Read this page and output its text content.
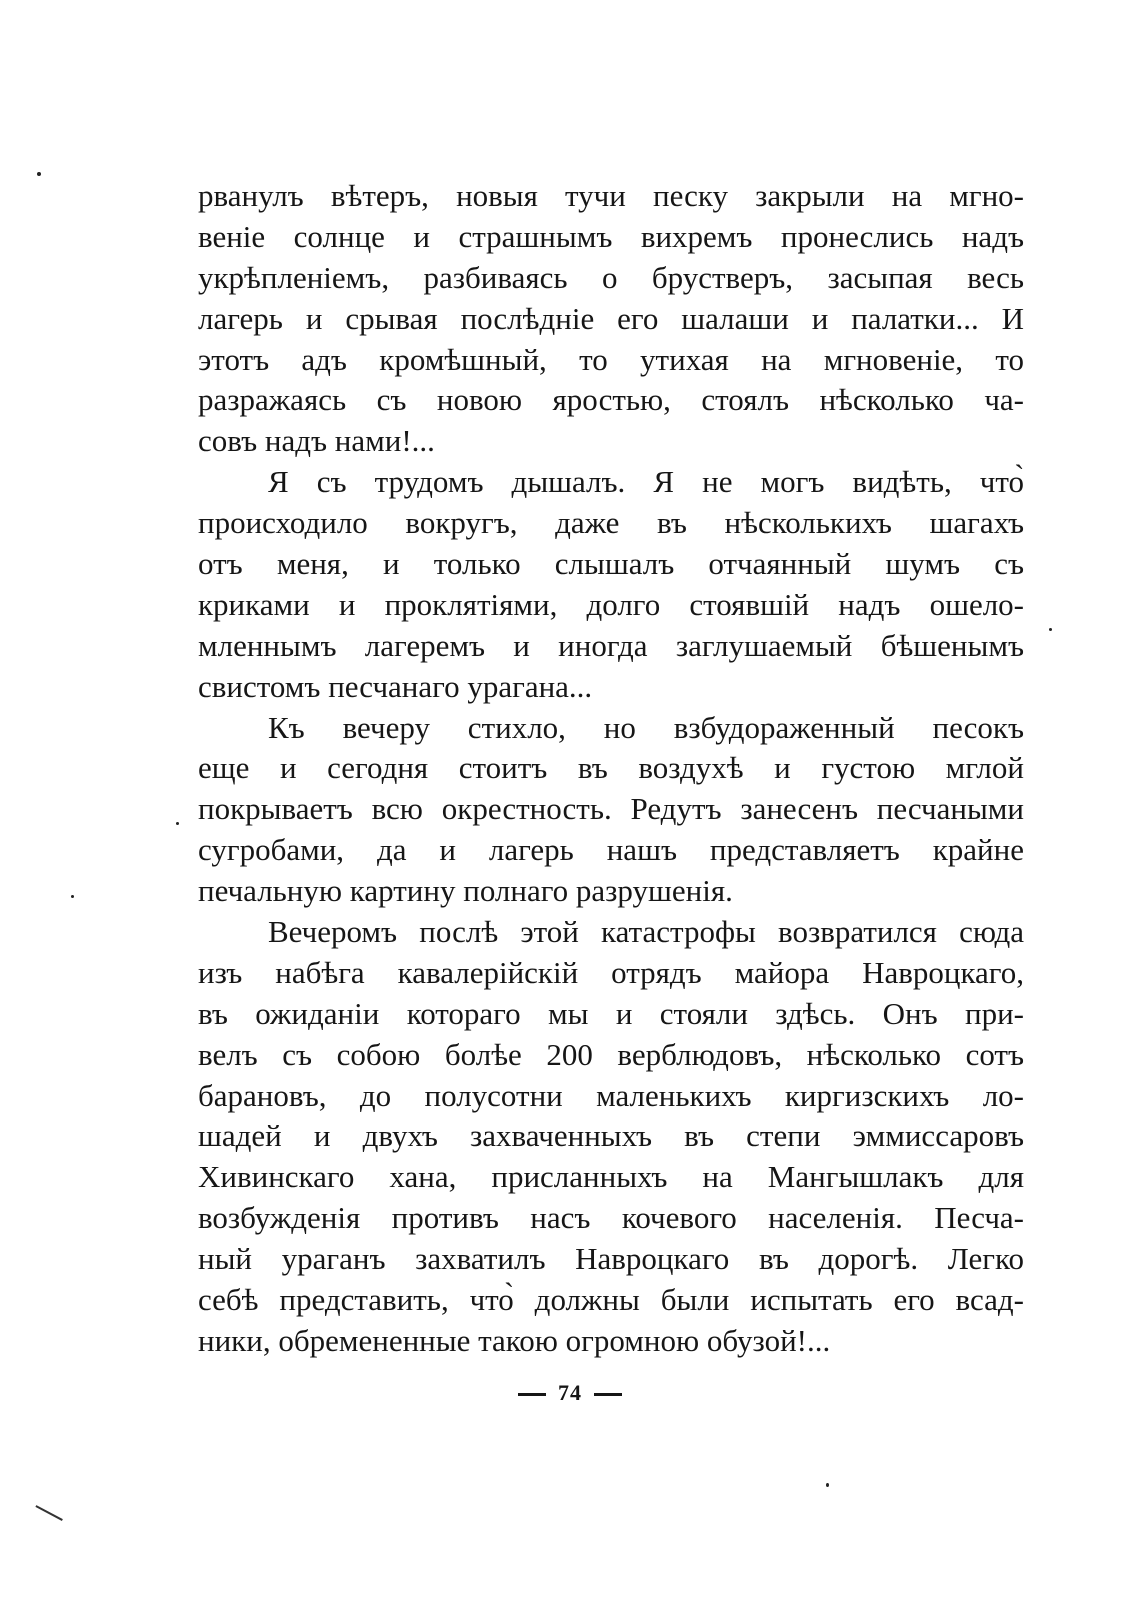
рванулъ вѣтеръ, новыя тучи песку закрыли на мгно-
веніе солнце и страшнымъ вихремъ пронеслись надъ
укрѣпленіемъ, разбиваясь о брустверъ, засыпая весь
лагерь и срывая послѣдніе его шалаши и палатки... И
этотъ адъ кромѣшный, то утихая на мгновеніе, то
разражаясь съ новою яростью, стоялъ нѣсколько ча-
совъ надъ нами!...
Я съ трудомъ дышалъ. Я не могъ видѣть, что̀
происходило вокругъ, даже въ нѣсколькихъ шагахъ
отъ меня, и только слышалъ отчаянный шумъ съ
криками и проклятіями, долго стоявшій надъ ошело-
мленнымъ лагеремъ и иногда заглушаемый бѣшенымъ
свистомъ песчанаго урагана...
Къ вечеру стихло, но взбудораженный песокъ
еще и сегодня стоитъ въ воздухѣ и густою мглой
покрываетъ всю окрестность. Редутъ занесенъ песчаными
сугробами, да и лагерь нашъ представляетъ крайне
печальную картину полнаго разрушенія.
Вечеромъ послѣ этой катастрофы возвратился сюда
изъ набѣга кавалерійскій отрядъ майора Навроцкаго,
въ ожиданіи котораго мы и стояли здѣсь. Онъ при-
велъ съ собою болѣе 200 верблюдовъ, нѣсколько сотъ
барановъ, до полусотни маленькихъ киргизскихъ ло-
шадей и двухъ захваченныхъ въ степи эммиссаровъ
Хивинскаго хана, присланныхъ на Мангышлакъ для
возбужденія противъ насъ кочевого населенія. Песча-
ный ураганъ захватилъ Навроцкаго въ дорогѣ. Легко
себѣ представить, что̀ должны были испытать его всад-
ники, обремененные такою огромною обузой!...
74
